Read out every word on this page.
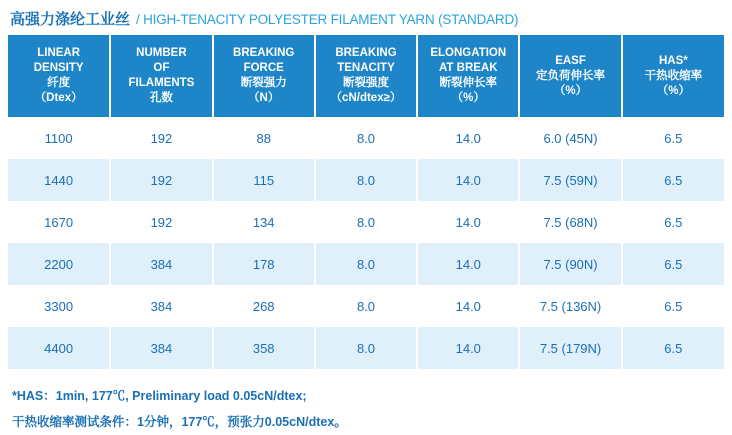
高强力涤纶工业丝 / HIGH-TENACITY POLYESTER FILAMENT YARN (STANDARD)
LINEAR
DENSITY
纤度
（Dtex）	NUMBER
OF
FILAMENTS
孔数	BREAKING
FORCE
断裂强力
（N）	BREAKING
TENACITY
断裂强度
（cN/dtex≥）	ELONGATION
AT BREAK
断裂伸长率
（%）	EASF
定负荷伸长率
（%）	HAS*
干热收缩率
（%）

1100	192	88	8.0	14.0	6.0 (45N)	6.5
1440	192	115	8.0	14.0	7.5 (59N)	6.5
1670	192	134	8.0	14.0	7.5 (68N)	6.5
2200	384	178	8.0	14.0	7.5 (90N)	6.5
3300	384	268	8.0	14.0	7.5 (136N)	6.5
4400	384	358	8.0	14.0	7.5 (179N)	6.5
*HAS：1min, 177℃, Preliminary load 0.05cN/dtex;
干热收缩率测试条件：1分钟，177℃，预张力0.05cN/dtex。
